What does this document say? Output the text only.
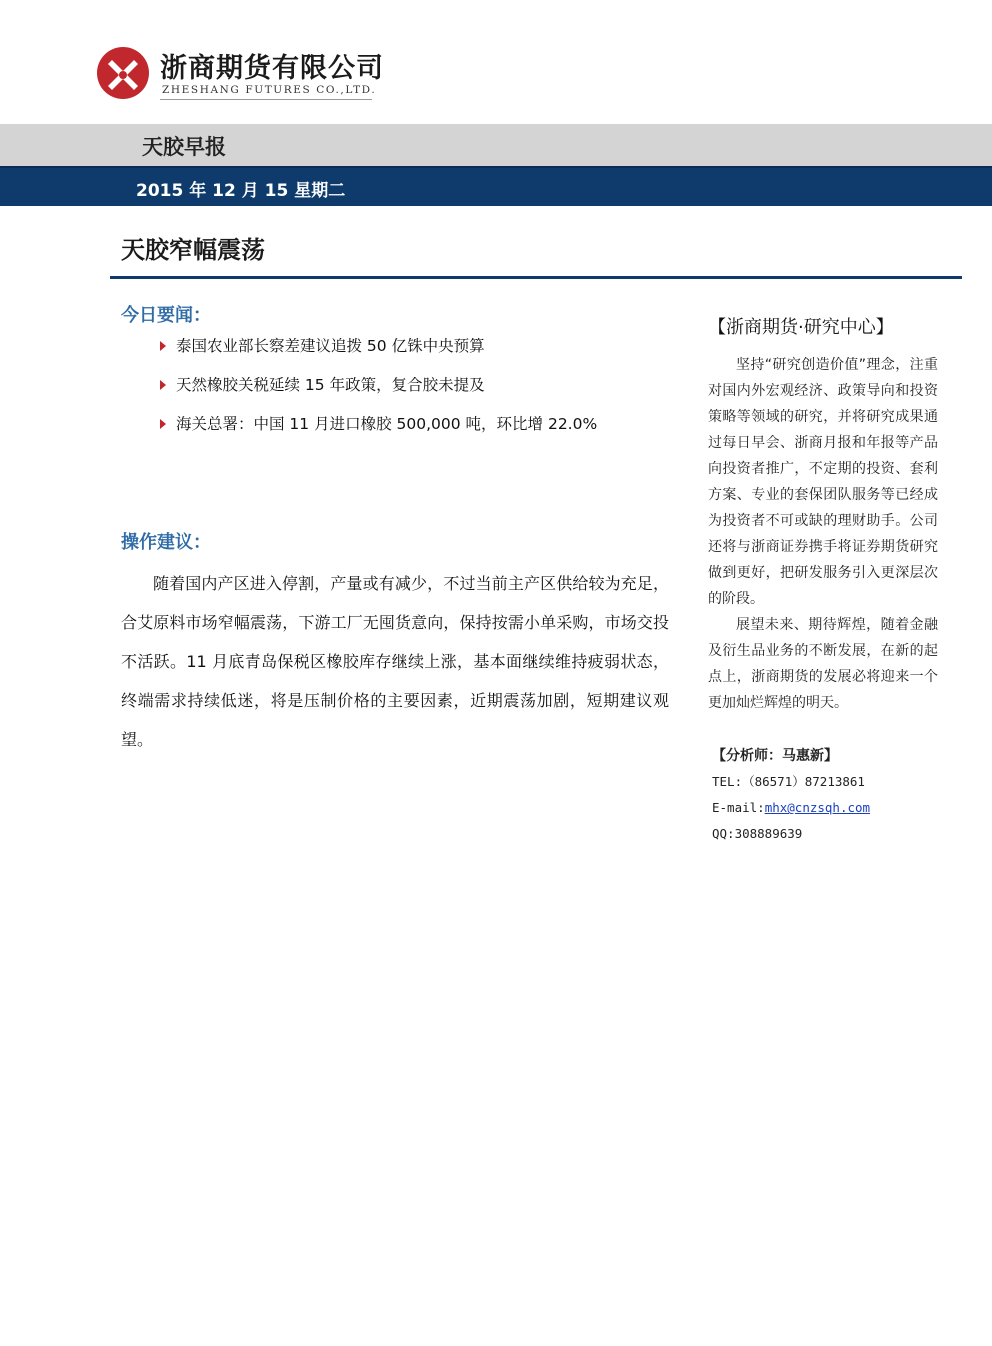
浙商期货有限公司
ZHESHANG FUTURES CO.,LTD.
天胶早报
2015 年 12 月 15 星期二
天胶窄幅震荡
今日要闻：
泰国农业部长察差建议追拨 50 亿铢中央预算
天然橡胶关税延续 15 年政策，复合胶未提及
海关总署：中国 11 月进口橡胶 500,000 吨，环比增 22.0%
操作建议：

随着国内产区进入停割，产量或有减少，不过当前主产区供给较为充足，合艾原料市场窄幅震荡，下游工厂无囤货意向，保持按需小单采购，市场交投不活跃。11 月底青岛保税区橡胶库存继续上涨，基本面继续维持疲弱状态，终端需求持续低迷，将是压制价格的主要因素，近期震荡加剧，短期建议观望。

【浙商期货·研究中心】

坚持“研究创造价值”理念，注重对国内外宏观经济、政策导向和投资策略等领域的研究，并将研究成果通过每日早会、浙商月报和年报等产品向投资者推广，不定期的投资、套利方案、专业的套保团队服务等已经成为投资者不可或缺的理财助手。公司还将与浙商证券携手将证券期货研究做到更好，把研发服务引入更深层次的阶段。

展望未来、期待辉煌，随着金融及衍生品业务的不断发展，在新的起点上，浙商期货的发展必将迎来一个更加灿烂辉煌的明天。

【分析师：马惠新】
TEL:（86571）87213861
E-mail:mhx@cnzsqh.com
QQ:308889639
